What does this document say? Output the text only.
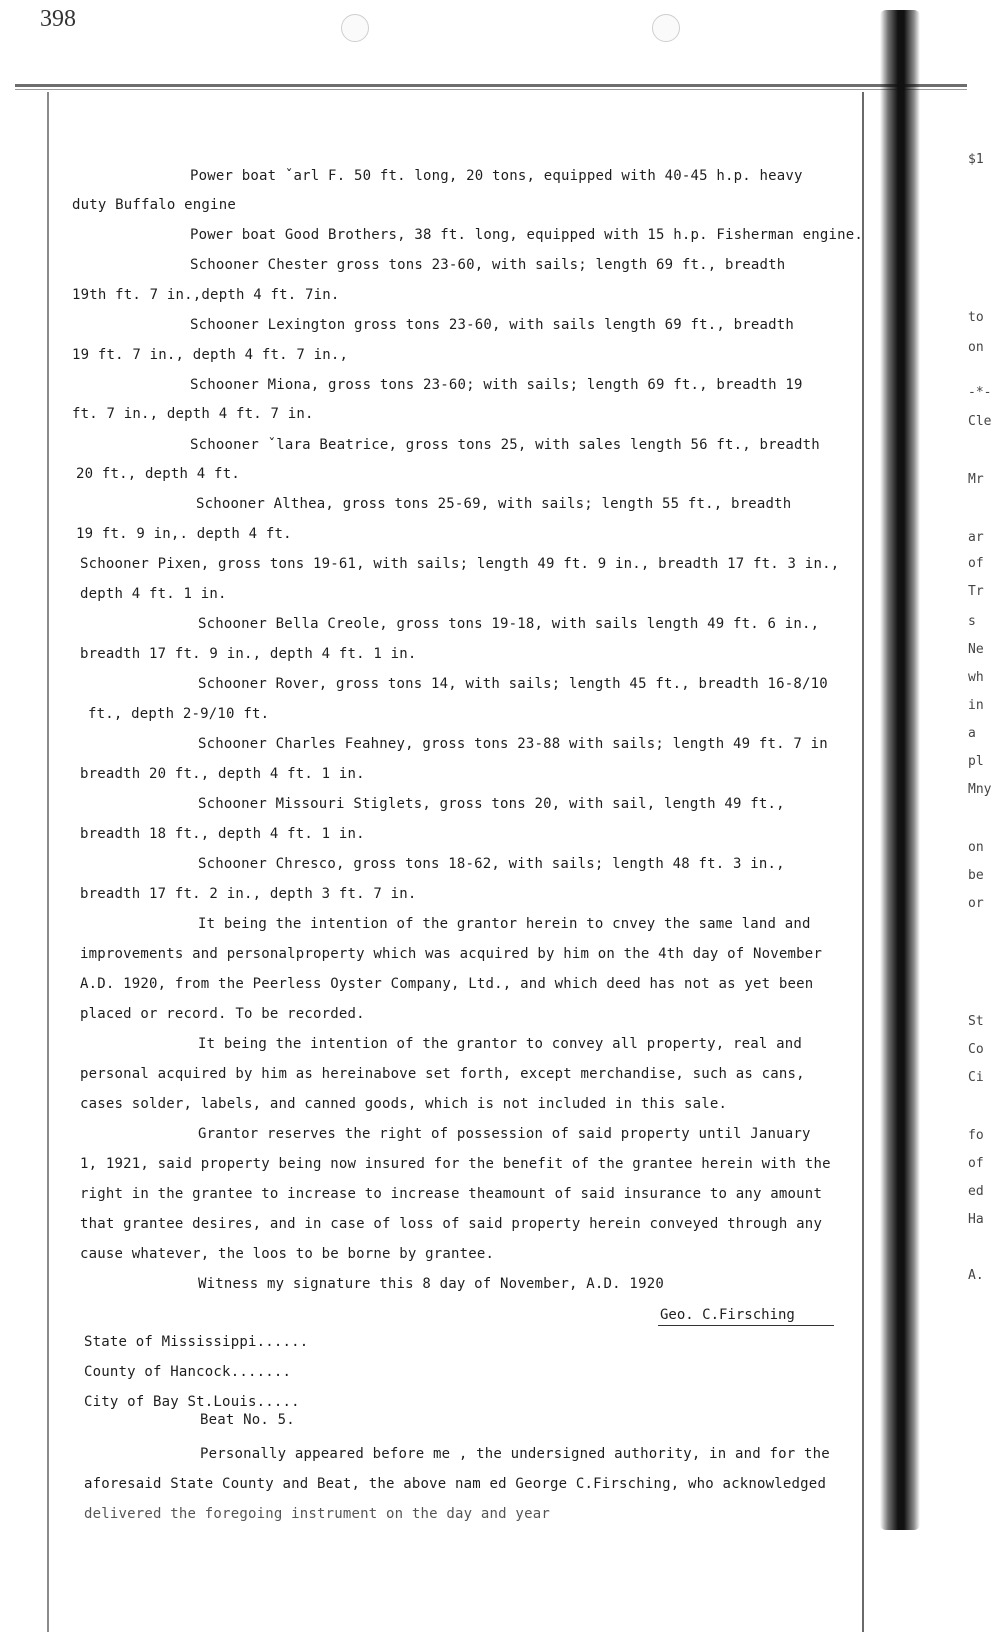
398
$1
to
on
-*-
Cle
Mr
ar
of
Tr
s
Ne
wh
in
a
pl
Mny
on
be
or
St
Co
Ci
fo
of
ed
Ha
A.
Power boat ˇarl F. 50 ft. long, 20 tons, equipped with 40-45 h.p. heavy
duty Buffalo engine
Power boat Good Brothers, 38 ft. long, equipped with 15 h.p. Fisherman engine.
Schooner Chester gross tons 23-60, with sails; length 69 ft., breadth
19th ft. 7 in.,depth 4 ft. 7in.
Schooner Lexington gross tons 23-60, with sails length 69 ft., breadth
19 ft. 7 in., depth 4 ft. 7 in.,
Schooner Miona, gross tons 23-60; with sails; length 69 ft., breadth 19
ft. 7 in., depth 4 ft. 7 in.
Schooner ˇlara Beatrice, gross tons 25, with sales length 56 ft., breadth
20 ft., depth 4 ft.
Schooner Althea, gross tons 25-69, with sails; length 55 ft., breadth
19 ft. 9 in,. depth 4 ft.
Schooner Pixen, gross tons 19-61, with sails; length 49 ft. 9 in., breadth 17 ft. 3 in.,
depth 4 ft. 1 in.
Schooner Bella Creole, gross tons 19-18, with sails length 49 ft. 6 in.,
breadth 17 ft. 9 in., depth 4 ft. 1 in.
Schooner Rover, gross tons 14, with sails; length 45 ft., breadth 16-8/10
ft., depth 2-9/10 ft.
Schooner Charles Feahney, gross tons 23-88 with sails; length 49 ft. 7 in
breadth 20 ft., depth 4 ft. 1 in.
Schooner Missouri Stiglets, gross tons 20, with sail, length 49 ft.,
breadth 18 ft., depth 4 ft. 1 in.
Schooner Chresco, gross tons 18-62, with sails; length 48 ft. 3 in.,
breadth 17 ft. 2 in., depth 3 ft. 7 in.
It being the intention of the grantor herein to cnvey the same land and
improvements and personalproperty which was acquired by him on the 4th day of November
A.D. 1920, from the Peerless Oyster Company, Ltd., and which deed has not as yet been
placed or record. To be recorded.
It being the intention of the grantor to convey all property, real and
personal acquired by him as hereinabove set forth, except merchandise, such as cans,
cases solder, labels, and canned goods, which is not included in this sale.
Grantor reserves the right of possession of said property until January
1, 1921, said property being now insured for the benefit of the grantee herein with the
right in the grantee to increase to increase theamount of said insurance to any amount
that grantee desires, and in case of loss of said property herein conveyed through any
cause whatever, the loos to be borne by grantee.
Witness my signature this 8 day of November, A.D. 1920
Geo. C.Firsching
State of Mississippi......
County of Hancock.......
City of Bay St.Louis.....
Beat No. 5.
Personally appeared before me , the undersigned authority, in and for the
aforesaid State County and Beat, the above nam ed George C.Firsching, who acknowledged
delivered the foregoing instrument on the day and year
